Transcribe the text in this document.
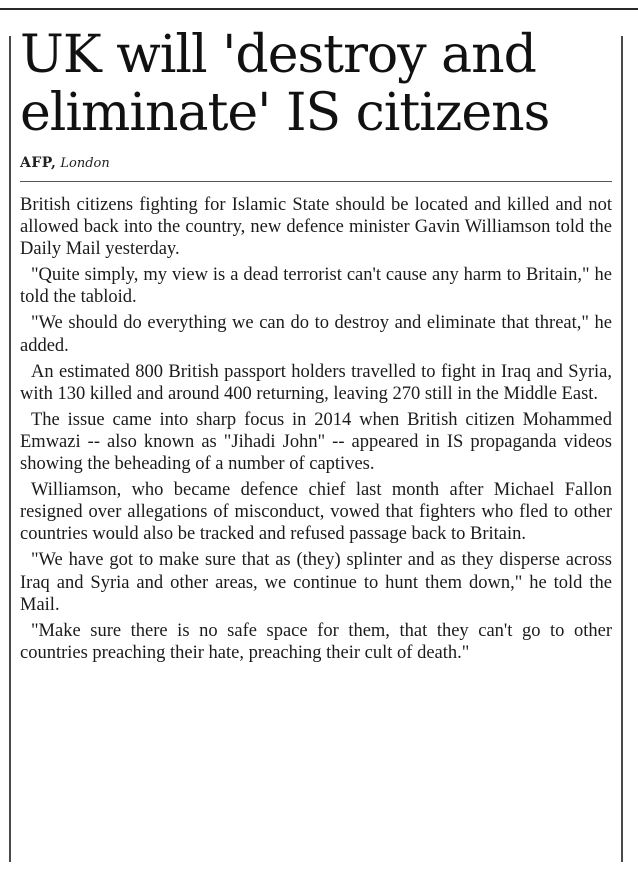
UK will 'destroy and
eliminate' IS citizens
AFP, London

British citizens fighting for Islamic State should be located and killed and not allowed back into the country, new defence minister Gavin Williamson told the Daily Mail yesterday.

"Quite simply, my view is a dead terrorist can't cause any harm to Britain," he told the tabloid.

"We should do everything we can do to destroy and eliminate that threat," he added.

An estimated 800 British passport holders travelled to fight in Iraq and Syria, with 130 killed and around 400 returning, leaving 270 still in the Middle East.

The issue came into sharp focus in 2014 when British citizen Mohammed Emwazi -- also known as "Jihadi John" -- appeared in IS propaganda videos showing the beheading of a number of captives.

Williamson, who became defence chief last month after Michael Fallon resigned over allegations of misconduct, vowed that fighters who fled to other countries would also be tracked and refused passage back to Britain.

"We have got to make sure that as (they) splinter and as they disperse across Iraq and Syria and other areas, we continue to hunt them down," he told the Mail.

"Make sure there is no safe space for them, that they can't go to other countries preaching their hate, preaching their cult of death."
